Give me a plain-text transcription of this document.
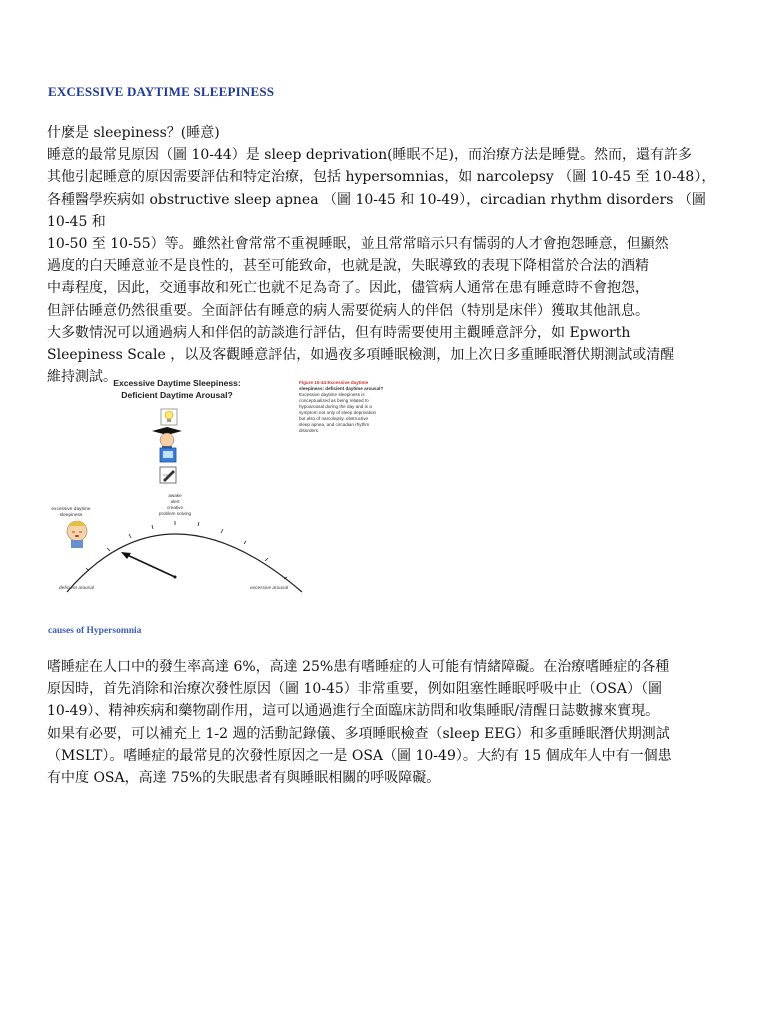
EXCESSIVE DAYTIME SLEEPINESS

什麼是 sleepiness？(睡意)

睡意的最常見原因（圖 10-44）是 sleep deprivation(睡眠不足)，而治療方法是睡覺。然而，還有許多

其他引起睡意的原因需要評估和特定治療，包括 hypersomnias，如 narcolepsy （圖 10-45 至 10-48），

各種醫學疾病如 obstructive sleep apnea （圖 10-45 和 10-49），circadian rhythm disorders （圖 10-45 和

10-50 至 10-55）等。雖然社會常常不重視睡眠，並且常常暗示只有懦弱的人才會抱怨睡意，但顯然

過度的白天睡意並不是良性的，甚至可能致命，也就是說，失眠導致的表現下降相當於合法的酒精

中毒程度，因此，交通事故和死亡也就不足為奇了。因此，儘管病人通常在患有睡意時不會抱怨，

但評估睡意仍然很重要。全面評估有睡意的病人需要從病人的伴侶（特別是床伴）獲取其他訊息。

大多數情況可以通過病人和伴侶的訪談進行評估，但有時需要使用主觀睡意評分，如 Epworth

Sleepiness Scale ，以及客觀睡意評估，如過夜多項睡眠檢測，加上次日多重睡眠潛伏期測試或清醒

維持測試。

Excessive Daytime Sleepiness:
Deficient Daytime Arousal?
Figure 10-44 Excessive daytime
sleepiness: deficient daytime arousal?
Excessive daytime sleepiness is
conceptualized as being related to
hypoarousal during the day and is a
symptom not only of sleep deprivation
but also of narcolepsy, obstructive
sleep apnea, and circadian rhythm
disorders.
awake
alert
creative
problem solving
excessive daytime
sleepiness
deficient arousal	excessive arousal

causes of Hypersomnia

嗜睡症在人口中的發生率高達 6%，高達 25%患有嗜睡症的人可能有情緒障礙。在治療嗜睡症的各種

原因時，首先消除和治療次發性原因（圖 10-45）非常重要，例如阻塞性睡眠呼吸中止（OSA）（圖

10-49）、精神疾病和藥物副作用，這可以通過進行全面臨床訪問和收集睡眠/清醒日誌數據來實現。

如果有必要，可以補充上 1-2 週的活動記錄儀、多項睡眠檢查（sleep EEG）和多重睡眠潛伏期測試

（MSLT）。嗜睡症的最常見的次發性原因之一是 OSA（圖 10-49）。大約有 15 個成年人中有一個患

有中度 OSA，高達 75%的失眠患者有與睡眠相關的呼吸障礙。
